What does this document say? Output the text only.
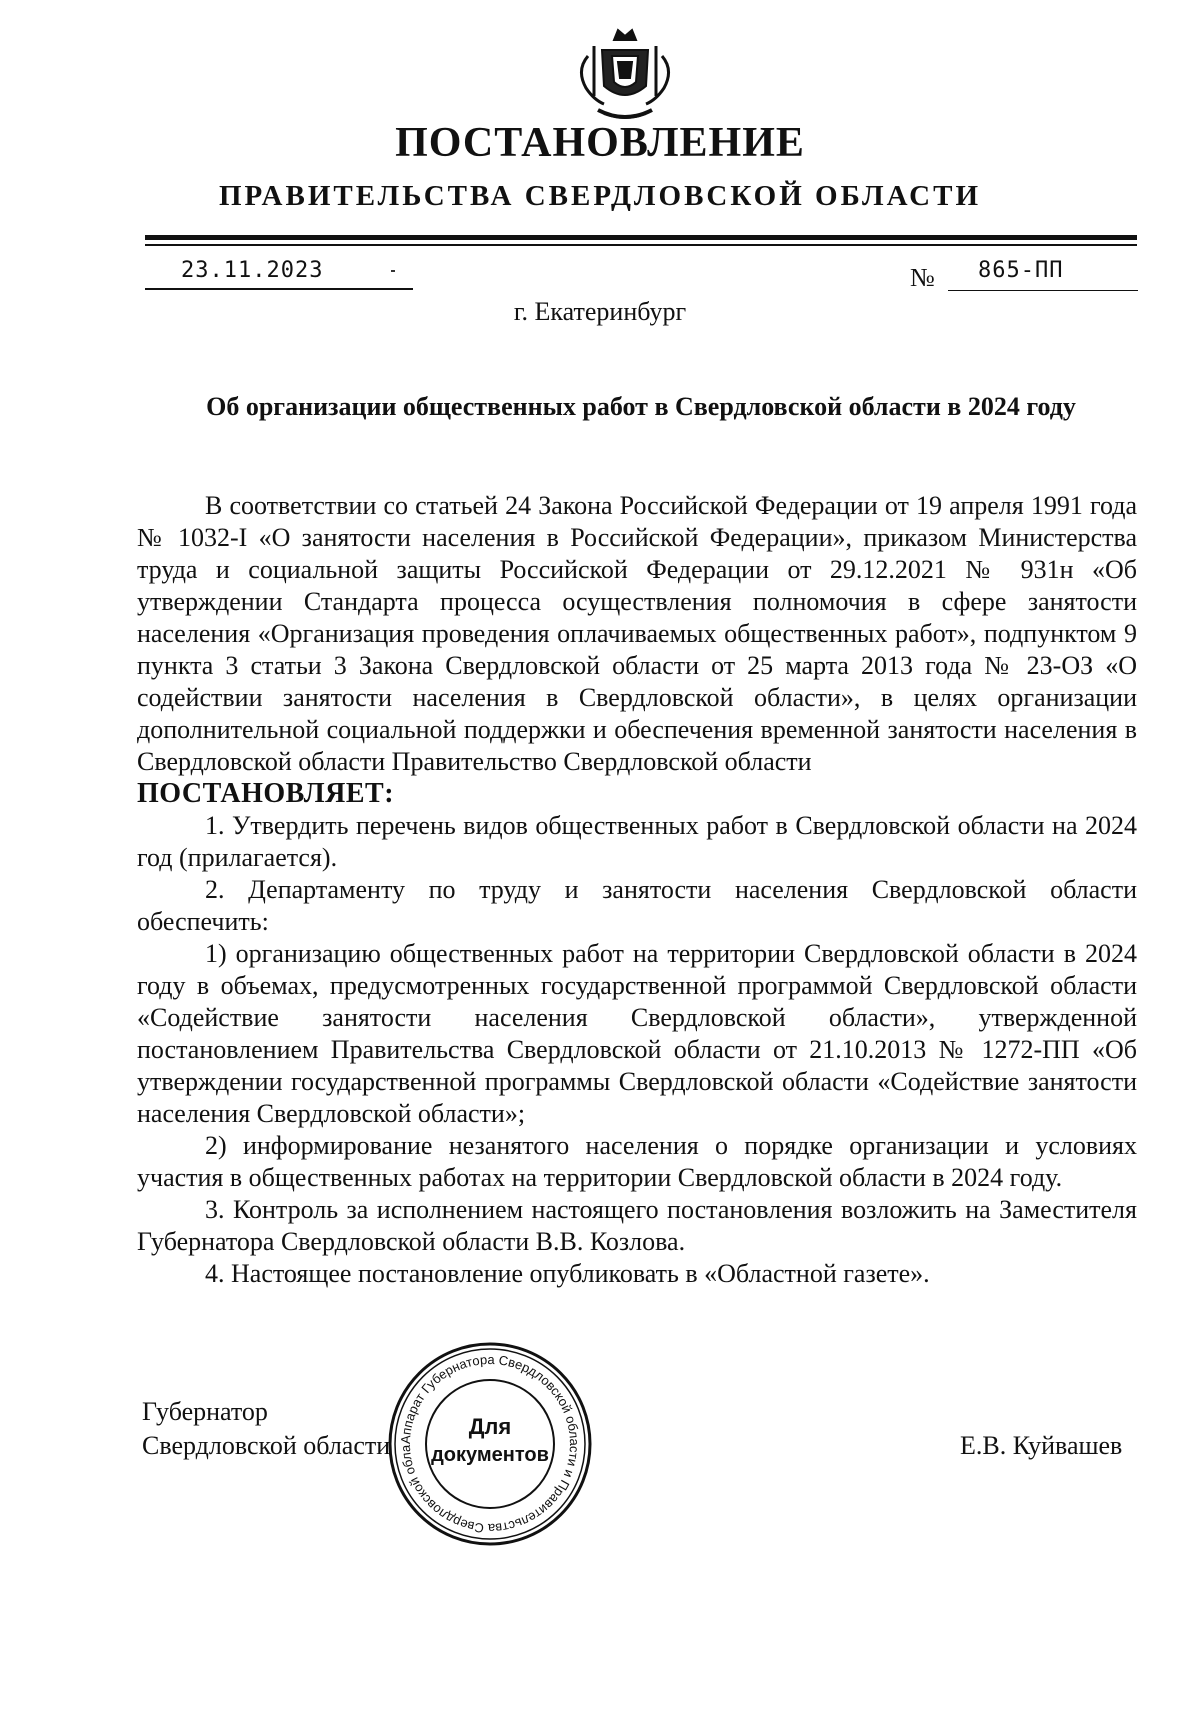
ПОСТАНОВЛЕНИЕ
ПРАВИТЕЛЬСТВА СВЕРДЛОВСКОЙ ОБЛАСТИ
23.11.2023	№ 865-ПП
г. Екатеринбург
Об организации общественных работ в Свердловской области в 2024 году

В соответствии со статьей 24 Закона Российской Федерации от 19 апреля 1991 года № 1032-I «О занятости населения в Российской Федерации», приказом Министерства труда и социальной защиты Российской Федерации от 29.12.2021 № 931н «Об утверждении Стандарта процесса осуществления полномочия в сфере занятости населения «Организация проведения оплачиваемых общественных работ», подпунктом 9 пункта 3 статьи 3 Закона Свердловской области от 25 марта 2013 года № 23-ОЗ «О содействии занятости населения в Свердловской области», в целях организации дополнительной социальной поддержки и обеспечения временной занятости населения в Свердловской области Правительство Свердловской области

ПОСТАНОВЛЯЕТ:

1. Утвердить перечень видов общественных работ в Свердловской области на 2024 год (прилагается).

2. Департаменту по труду и занятости населения Свердловской области обеспечить:

1) организацию общественных работ на территории Свердловской области в 2024 году в объемах, предусмотренных государственной программой Свердловской области «Содействие занятости населения Свердловской области», утвержденной постановлением Правительства Свердловской области от 21.10.2013 № 1272-ПП «Об утверждении государственной программы Свердловской области «Содействие занятости населения Свердловской области»;

2) информирование незанятого населения о порядке организации и условиях участия в общественных работах на территории Свердловской области в 2024 году.

3. Контроль за исполнением настоящего постановления возложить на Заместителя Губернатора Свердловской области В.В. Козлова.

4. Настоящее постановление опубликовать в «Областной газете».

Губернатор
Свердловской области	Е.В. Куйвашев
Аппарат Губернатора Свердловской области и Правительства Свердловской обла
Для
документов
